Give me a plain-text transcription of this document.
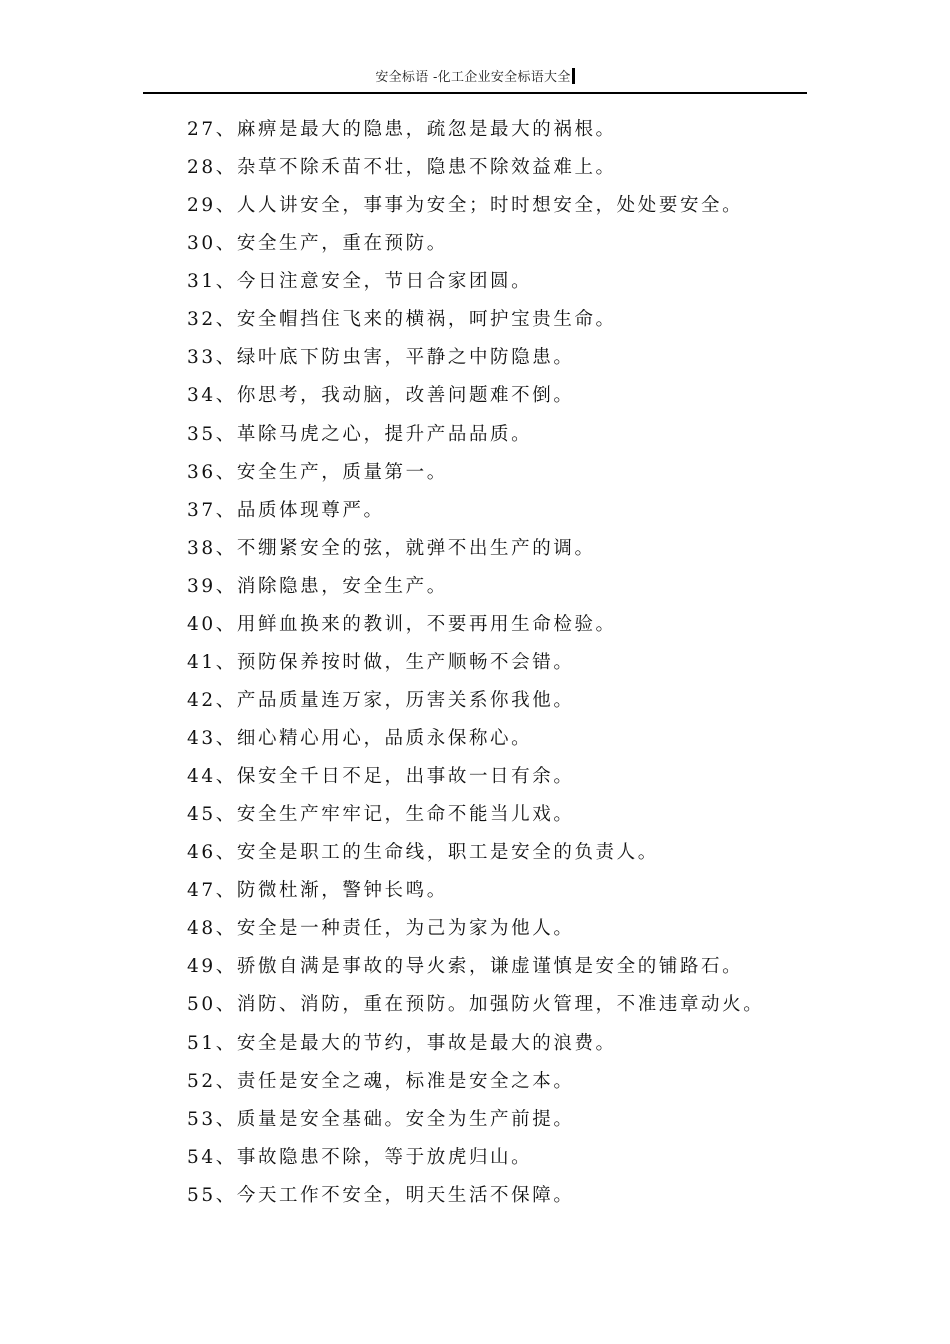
安全标语 -化工企业安全标语大全
27、麻痹是最大的隐患，疏忽是最大的祸根。
28、杂草不除禾苗不壮，隐患不除效益难上。
29、人人讲安全，事事为安全；时时想安全，处处要安全。
30、安全生产，重在预防。
31、今日注意安全，节日合家团圆。
32、安全帽挡住飞来的横祸，呵护宝贵生命。
33、绿叶底下防虫害，平静之中防隐患。
34、你思考，我动脑，改善问题难不倒。
35、革除马虎之心，提升产品品质。
36、安全生产，质量第一。
37、品质体现尊严。
38、不绷紧安全的弦，就弹不出生产的调。
39、消除隐患，安全生产。
40、用鲜血换来的教训，不要再用生命检验。
41、预防保养按时做，生产顺畅不会错。
42、产品质量连万家，历害关系你我他。
43、细心精心用心，品质永保称心。
44、保安全千日不足，出事故一日有余。
45、安全生产牢牢记，生命不能当儿戏。
46、安全是职工的生命线，职工是安全的负责人。
47、防微杜渐，警钟长鸣。
48、安全是一种责任，为己为家为他人。
49、骄傲自满是事故的导火索，谦虚谨慎是安全的铺路石。
50、消防、消防，重在预防。加强防火管理，不准违章动火。
51、安全是最大的节约，事故是最大的浪费。
52、责任是安全之魂，标准是安全之本。
53、质量是安全基础。安全为生产前提。
54、事故隐患不除，等于放虎归山。
55、今天工作不安全，明天生活不保障。
